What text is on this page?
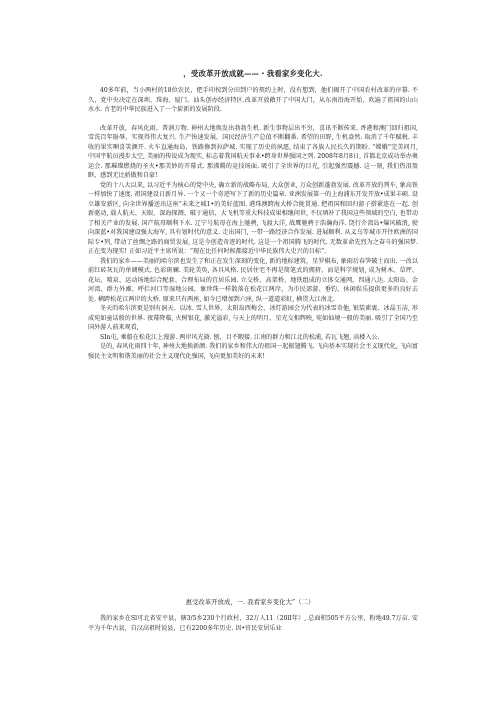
，受改革开放成就——・我看家乡变化大.

40多年前，当小两村的18位农民，把手印按到分田到户的契约上时，没有想到，他们揭开了中国农村改革的序幕. 不久，党中央决定在深圳、珠海、厦门、汕头创办经济特区.改革开放敞开了中国大门，从东南沿海开始，吹遍了祖国的山山水水. 古老的中华民族进入了一个崭新的发展阶段.

改革开放，春风化雨，普润万物. 神州大地焕发出勃勃生机. 新生事物层出不穷，喜讯不断传来. 香港和澳门回归祖国, 雪洗百年耻辱，实现得伟大复兴. 生产快速发展，国民经济生产总值不断翻番. 希望的田野, 生机盎然. 取消了千年赋税. 丰收的果实啊喜笑颜开. 火车直通海岛，铁路修到拉萨城. 实现了历史的夙愿, 结束了各族人民长久的期盼. “嫦娥”完美问月, 中国宇航员漫步太空, 美丽的传说成为现实, 标志着我国航天事业•跨身世界强国之列. 2008年8月8日, 首都北京成功举办奥运会. 那璀璨燃烧的圣火•那美妙的开幕式. 那沸腾的竞技场面. 吸引了全世界的目光, 引起强烈震撼. 这一刻, 我们热泪盈眶，感到无比骄傲和自豪!

党的十八大以来, 以习近平为核心的党中央, 确立新的战略布局, 大众创业, 万众创新蓬勃发展. 改革开放的列车, 象高铁一样加快了速度. 祖国建设日新月异. 一个又一个奇迹写下了新的历史篇章. 亚洲发展第一的上海浦东开发开放•成果丰硕. 设立雄安新区, 向全世界播送出这座“未来之城1•的美好蓝图. 港珠澳跨海大桥合拢贯通. 把祖国和回归游子搭紧连在一起. 创新驱动, 载人航天、天眼、深海探测、破于通信、大飞机等重大科技成果相继问世, 不仅填补了我国这些领域的空白, 也带动了相关产业的发展. 国产航母顺利下水. 辽宁号航母在海上驰骋, 飞渡大洋, 战鹰驰骋于浩瀚海洋. 饶行介湾岛•爆风破浪, 驶向深蓝•对我国建设强大海军, 具有划时代的意义. 走出国门, 一带一路经济合作发展. 进展顺利. 从义乌等城市开往欧洲的国际专•列, 带动了丝绸之路的商贸发展, 这是今创造奇迹的时代. 这是一个祖国腾飞的时代. 无数革命先烈为之奋斗的强国梦. 正在变为现实! 正如习近平主席所说：“现在比任何时候都接近中华民族伟大史兴的目标”.

我们的家乡——美丽的哈尔滨也发生了和正在发生深刻的变化, 新的地标建筑，星罗棋布, 象雨后春笋破土而出. 一改以前红砖灰瓦的单调模式. 色彩斑斓. 美轮美奂, 各具风格. 民居住宅不再是简笔式的拥挤，而是科学规划, 成为树木、草坪、花坛、喷泉、运动场地综合配套、合理布局的宜居乐园. 立交桥、高架桥、地铁组成的立体交通网，四通八达. 太阳岛、金河湾、群力外滩、呼拦河口等湿地公园，象珍珠一样散落在松花江两岸，为市民郊游、垂钓、休闲娱乐提供更多的良好去处. 横跨松花江两岸的大桥. 原来只有两座, 如今已增加到六座, 纵一道道彩虹, 横贯大江南北.

冬天的哈尔滨更是别有洞天。以冰. 雪人世界、太阳岛西梅会、冰灯游园会为代表的冰雪奇他, 银装素裹、冰晶玉洁, 形成宛如童话般的世界. 夜幕降临, 火树银花, 激光溢彩, 与天上的明月、星光交相辉映, 宛如仙境一般的美丽. 吸引了全国乃至国外游人前来观看,

SIn屯, 乘船在松花江上漫游. 两岸风光旖. 刨，目不暇接. 江南的群力和江北的松浦, 若瓦飞翘, 高楼入公.

是的, 春风化雨四十年, 神州大地换新颜. 我们的家乡和伟大的祖国一起振翅腾飞. 飞向基本实现社会主义现代化, 飞向富强民主文明和谐美丽的社会主义现代化强国, 飞向更加美好的未来!

惠受改革开放成，一. 我看家乡变化大”（二）

我的家乡在Sl可北省安平县，辖3/5乡230个行政村，32万人11（20lI年）, 总面积505平方公里，粉地49.7万亩. 安平为千年古县，自汉高祖时说县，已有2200多年历史. 因•官民安居乐业
